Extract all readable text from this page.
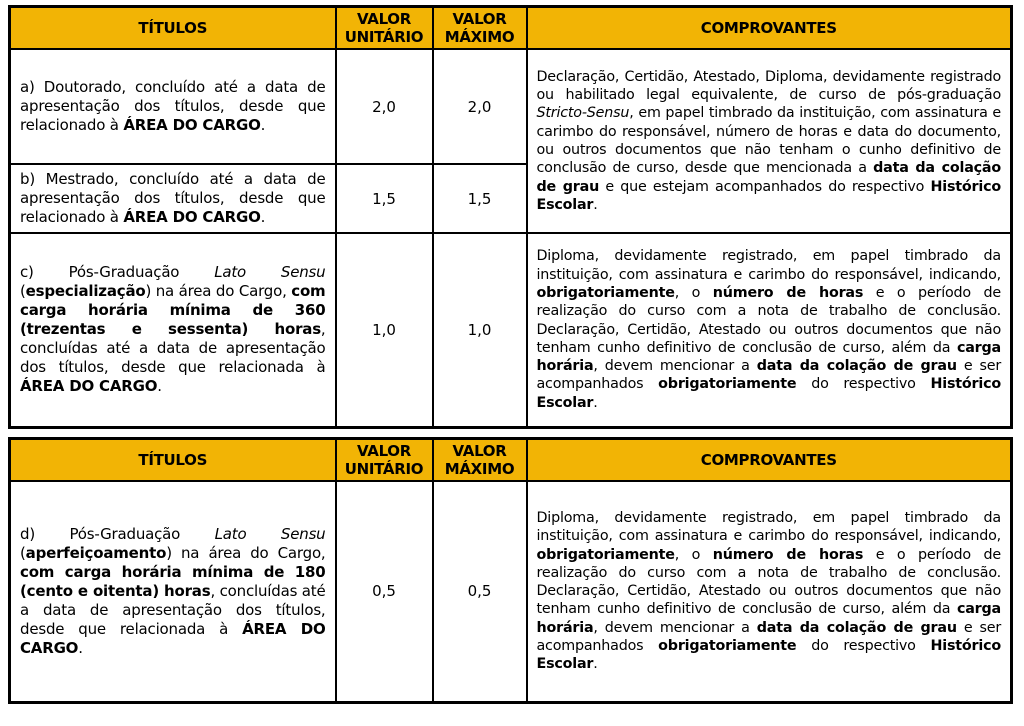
TÍTULOS	VALOR UNITÁRIO	VALOR MÁXIMO	COMPROVANTES
a) Doutorado, concluído até a data de apresentação dos títulos, desde que relacionado à ÁREA DO CARGO.	2,0	2,0	Declaração, Certidão, Atestado, Diploma, devidamente registrado ou habilitado legal equivalente, de curso de pós-graduação Stricto-Sensu, em papel timbrado da instituição, com assinatura e carimbo do responsável, número de horas e data do documento, ou outros documentos que não tenham o cunho definitivo de conclusão de curso, desde que mencionada a data da colação de grau e que estejam acompanhados do respectivo Histórico Escolar.
b) Mestrado, concluído até a data de apresentação dos títulos, desde que relacionado à ÁREA DO CARGO.	1,5	1,5	
c) Pós-Graduação Lato Sensu (especialização) na área do Cargo, com carga horária mínima de 360 (trezentas e sessenta) horas, concluídas até a data de apresentação dos títulos, desde que relacionada à ÁREA DO CARGO.	1,0	1,0	Diploma, devidamente registrado, em papel timbrado da instituição, com assinatura e carimbo do responsável, indicando, obrigatoriamente, o número de horas e o período de realização do curso com a nota de trabalho de conclusão. Declaração, Certidão, Atestado ou outros documentos que não tenham cunho definitivo de conclusão de curso, além da carga horária, devem mencionar a data da colação de grau e ser acompanhados obrigatoriamente do respectivo Histórico Escolar.
TÍTULOS	VALOR UNITÁRIO	VALOR MÁXIMO	COMPROVANTES
d) Pós-Graduação Lato Sensu (aperfeiçoamento) na área do Cargo, com carga horária mínima de 180 (cento e oitenta) horas, concluídas até a data de apresentação dos títulos, desde que relacionada à ÁREA DO CARGO.	0,5	0,5	Diploma, devidamente registrado, em papel timbrado da instituição, com assinatura e carimbo do responsável, indicando, obrigatoriamente, o número de horas e o período de realização do curso com a nota de trabalho de conclusão. Declaração, Certidão, Atestado ou outros documentos que não tenham cunho definitivo de conclusão de curso, além da carga horária, devem mencionar a data da colação de grau e ser acompanhados obrigatoriamente do respectivo Histórico Escolar.
